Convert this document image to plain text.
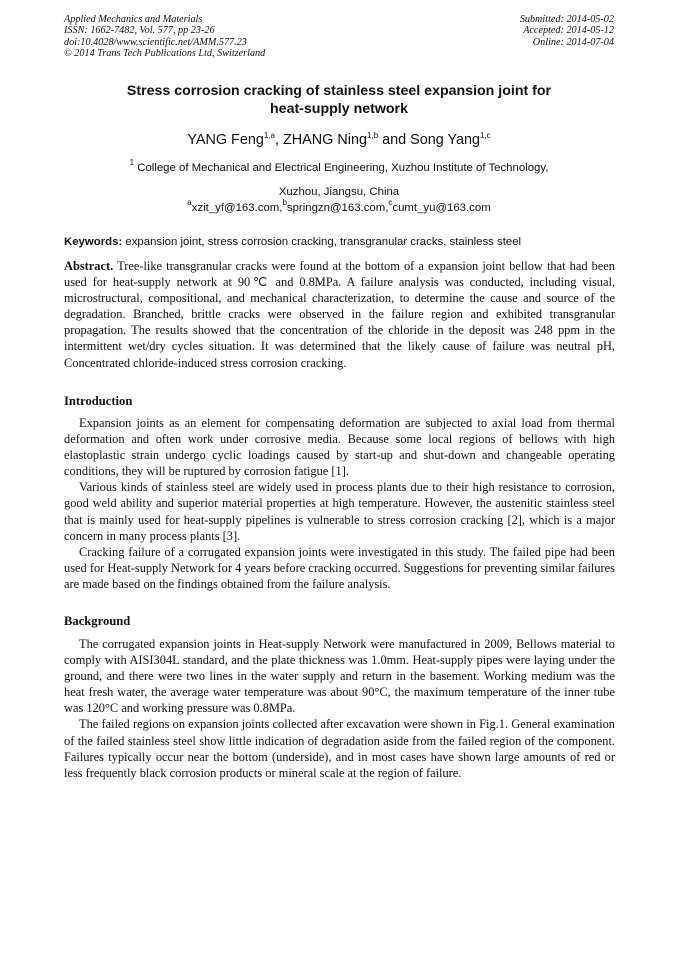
Applied Mechanics and Materials
ISSN: 1662-7482, Vol. 577, pp 23-26
doi:10.4028/www.scientific.net/AMM.577.23
© 2014 Trans Tech Publications Ltd, Switzerland
Submitted: 2014-05-02
Accepted: 2014-05-12
Online: 2014-07-04
Stress corrosion cracking of stainless steel expansion joint for
heat-supply network
YANG Feng$^{1,a}$, ZHANG Ning$^{1,b}$ and Song Yang$^{1,c}$
$^1$ College of Mechanical and Electrical Engineering, Xuzhou Institute of Technology,
Xuzhou, Jiangsu, China
$^a$xzit_yf@163.com,$^b$springzn@163.com,$^c$cumt_yu@163.com
Keywords: expansion joint, stress corrosion cracking, transgranular cracks, stainless steel
Abstract. Tree-like transgranular cracks were found at the bottom of a expansion joint bellow that had been used for heat-supply network at 90℃ and 0.8MPa. A failure analysis was conducted, including visual, microstructural, compositional, and mechanical characterization, to determine the cause and source of the degradation. Branched, brittle cracks were observed in the failure region and exhibited transgranular propagation. The results showed that the concentration of the chloride in the deposit was 248 ppm in the intermittent wet/dry cycles situation. It was determined that the likely cause of failure was neutral pH, Concentrated chloride-induced stress corrosion cracking.
Introduction

Expansion joints as an element for compensating deformation are subjected to axial load from thermal deformation and often work under corrosive media. Because some local regions of bellows with high elastoplastic strain undergo cyclic loadings caused by start-up and shut-down and changeable operating conditions, they will be ruptured by corrosion fatigue [1].

Various kinds of stainless steel are widely used in process plants due to their high resistance to corrosion, good weld ability and superior material properties at high temperature. However, the austenitic stainless steel that is mainly used for heat-supply pipelines is vulnerable to stress corrosion cracking [2], which is a major concern in many process plants [3].

Cracking failure of a corrugated expansion joints were investigated in this study. The failed pipe had been used for Heat-supply Network for 4 years before cracking occurred. Suggestions for preventing similar failures are made based on the findings obtained from the failure analysis.

Background

The corrugated expansion joints in Heat-supply Network were manufactured in 2009, Bellows material to comply with AISI304L standard, and the plate thickness was 1.0mm. Heat-supply pipes were laying under the ground, and there were two lines in the water supply and return in the basement. Working medium was the heat fresh water, the average water temperature was about 90°C, the maximum temperature of the inner tube was 120°C and working pressure was 0.8MPa.

The failed regions on expansion joints collected after excavation were shown in Fig.1. General examination of the failed stainless steel show little indication of degradation aside from the failed region of the component. Failures typically occur near the bottom (underside), and in most cases have shown large amounts of red or less frequently black corrosion products or mineral scale at the region of failure.
